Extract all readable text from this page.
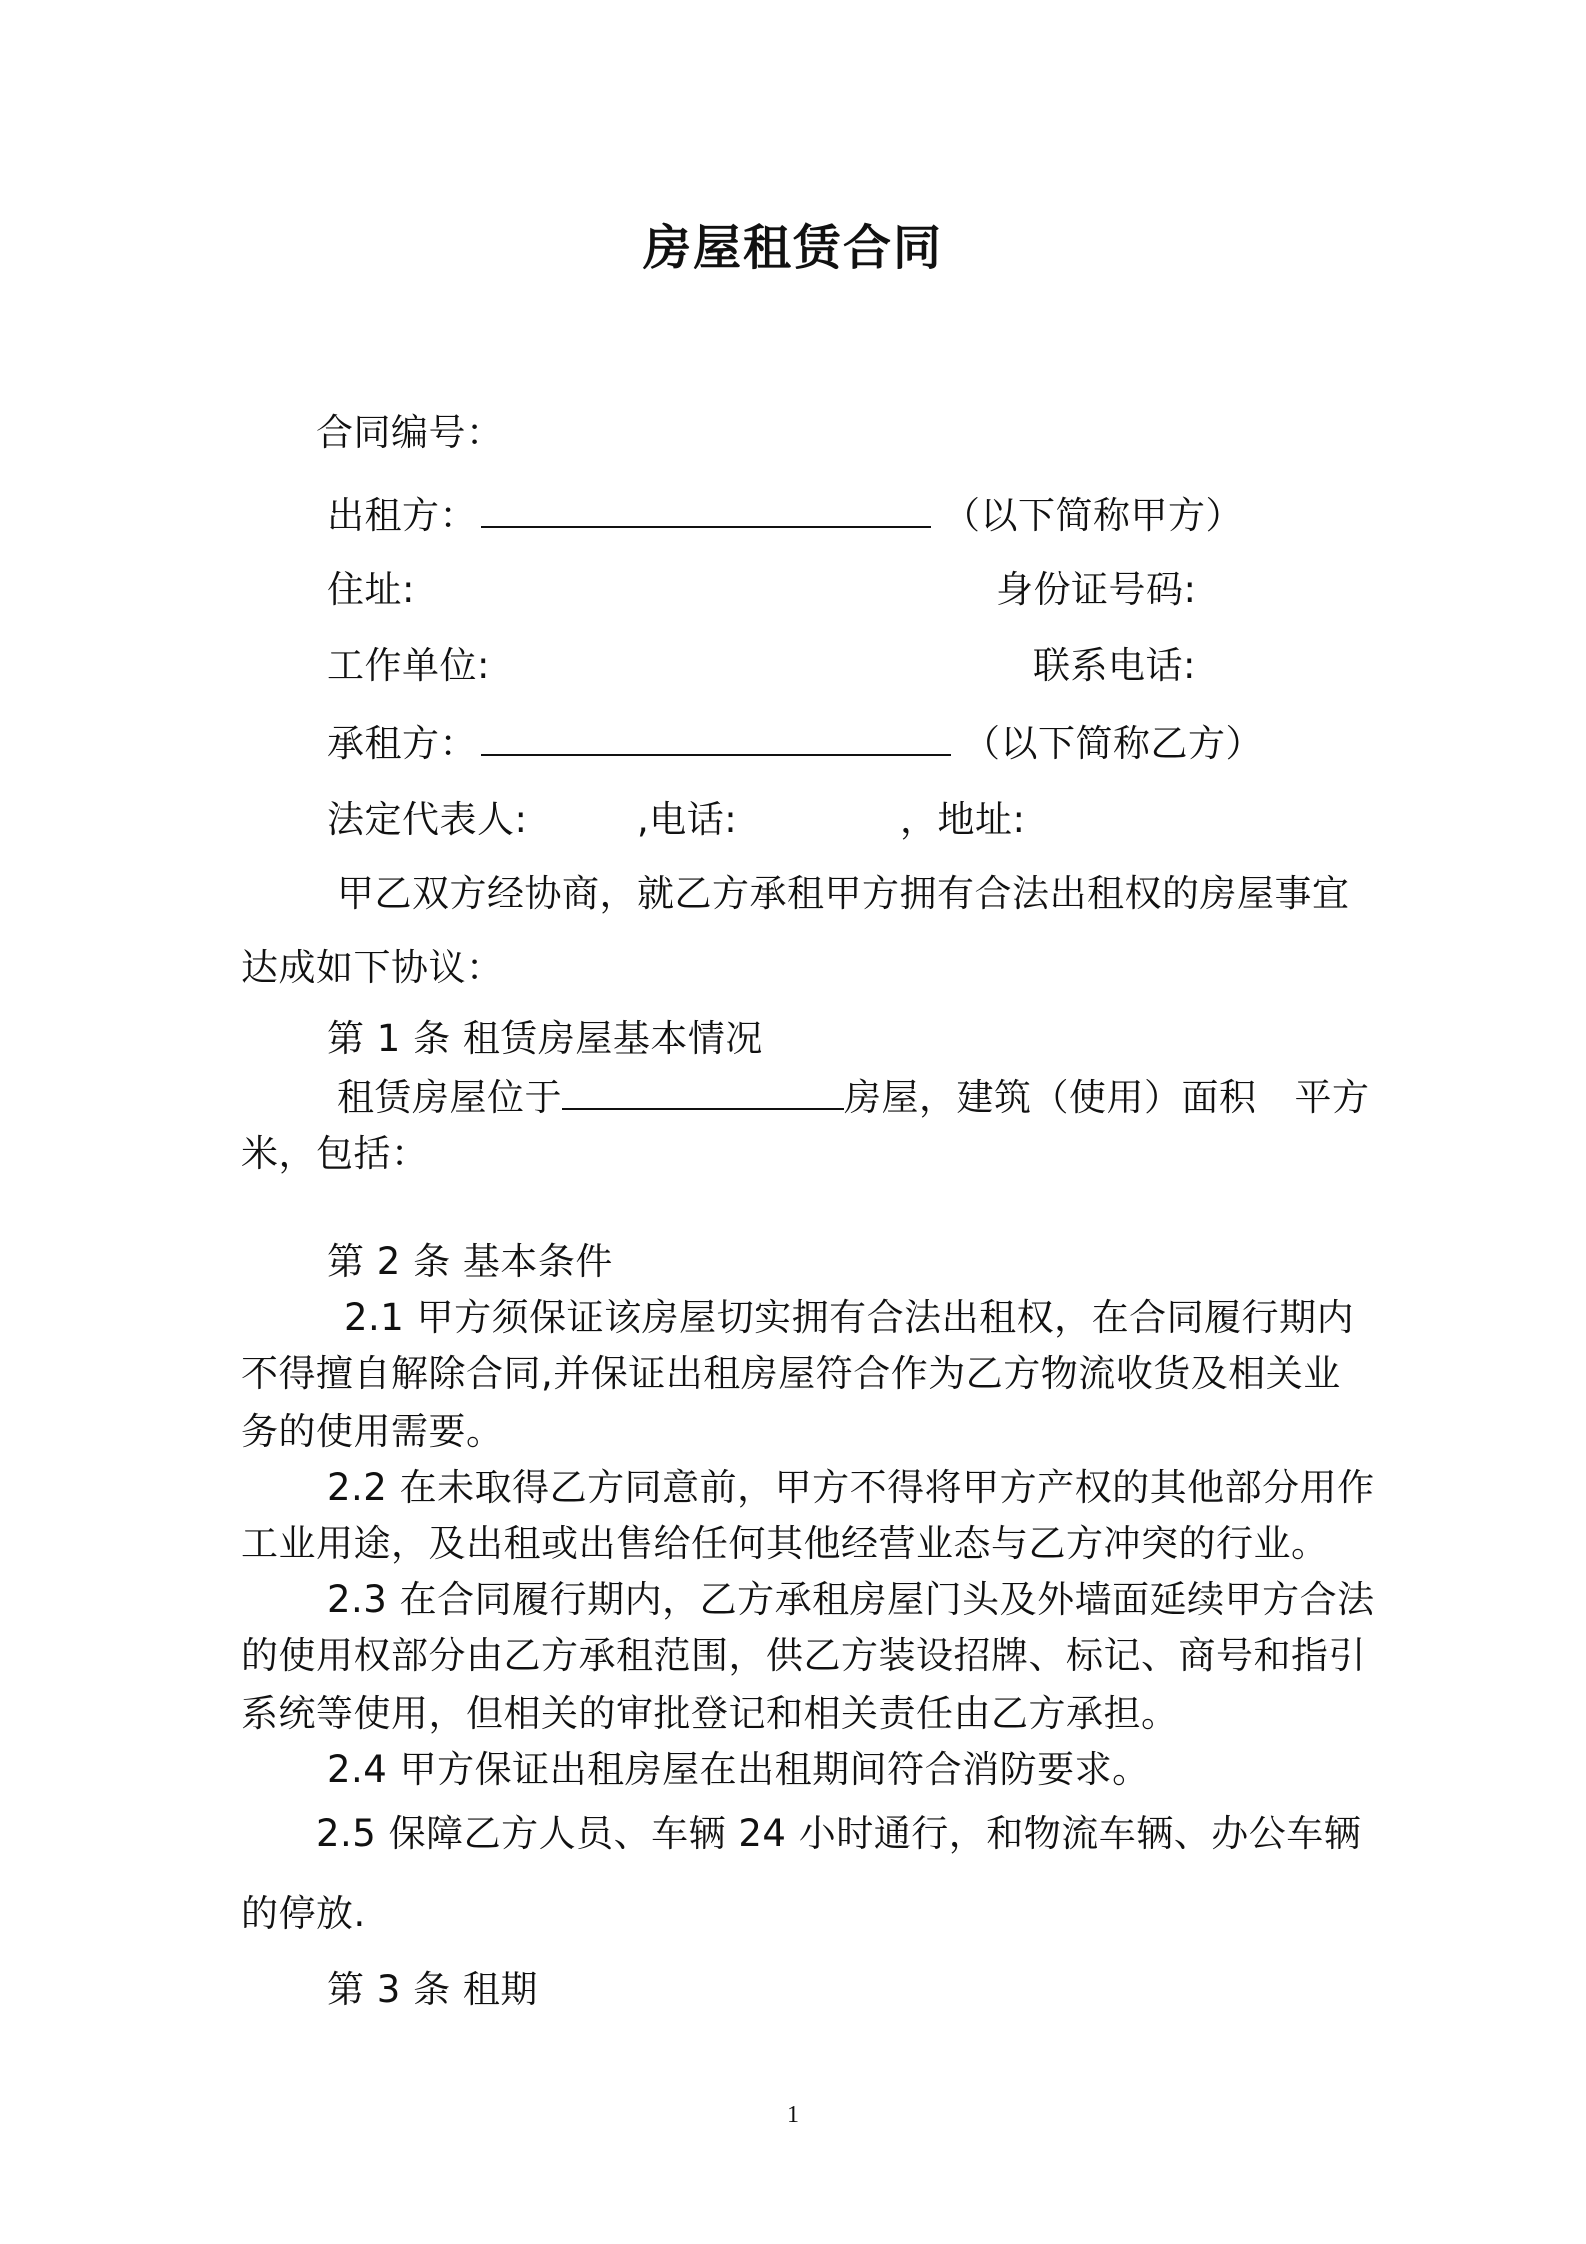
房屋租赁合同
合同编号：
出租方：	（以下简称甲方）
住址:	身份证号码:
工作单位:	联系电话:
承租方：	（以下简称乙方）
法定代表人:	,电话:	，地址:
甲乙双方经协商，就乙方承租甲方拥有合法出租权的房屋事宜
达成如下协议：
第 1 条 租赁房屋基本情况
租赁房屋位于	房屋，建筑（使用）面积 平方
米，包括：
第 2 条 基本条件
2.1 甲方须保证该房屋切实拥有合法出租权，在合同履行期内
不得擅自解除合同,并保证出租房屋符合作为乙方物流收货及相关业
务的使用需要。
2.2 在未取得乙方同意前，甲方不得将甲方产权的其他部分用作
工业用途，及出租或出售给任何其他经营业态与乙方冲突的行业。
2.3 在合同履行期内，乙方承租房屋门头及外墙面延续甲方合法
的使用权部分由乙方承租范围，供乙方装设招牌、标记、商号和指引
系统等使用，但相关的审批登记和相关责任由乙方承担。
2.4 甲方保证出租房屋在出租期间符合消防要求。
2.5 保障乙方人员、车辆 24 小时通行，和物流车辆、办公车辆
的停放.
第 3 条 租期
1
